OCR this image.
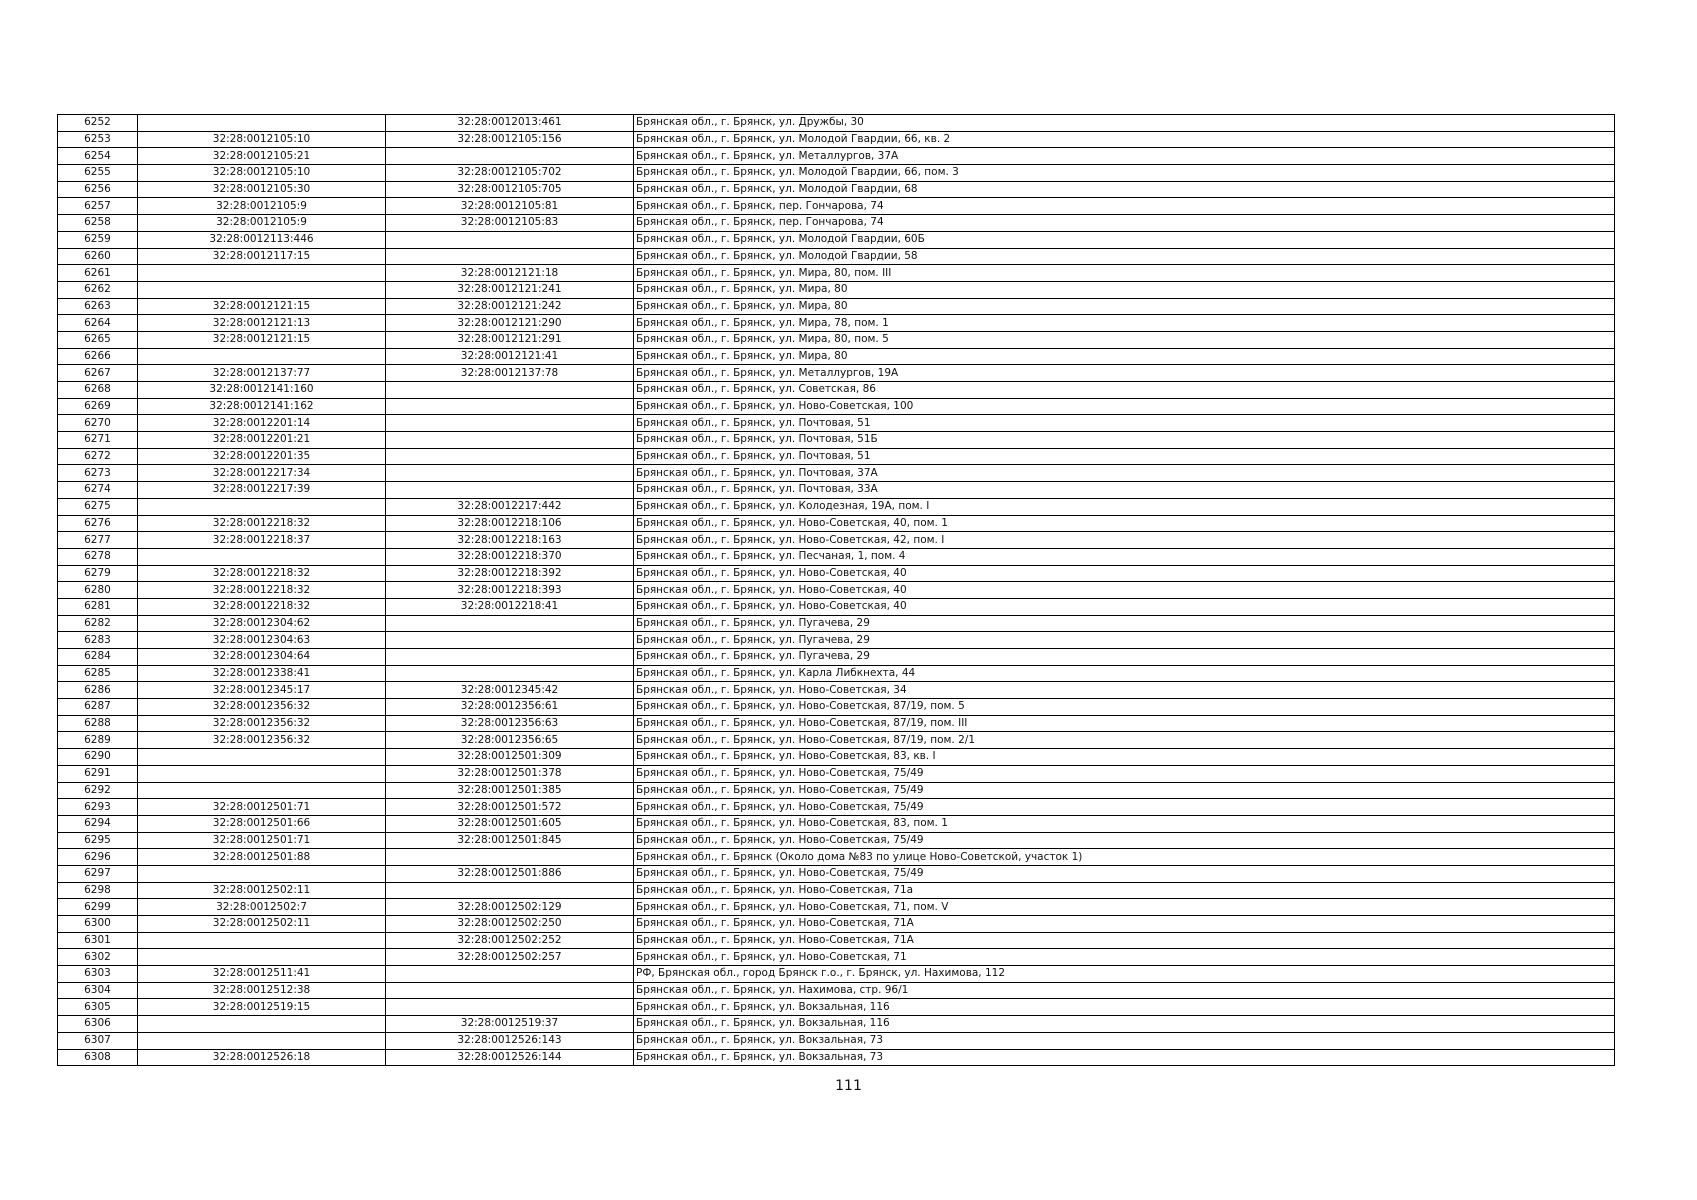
6252		32:28:0012013:461	Брянская обл., г. Брянск, ул. Дружбы, 30
6253	32:28:0012105:10	32:28:0012105:156	Брянская обл., г. Брянск, ул. Молодой Гвардии, 66, кв. 2
6254	32:28:0012105:21		Брянская обл., г. Брянск, ул. Металлургов, 37А
6255	32:28:0012105:10	32:28:0012105:702	Брянская обл., г. Брянск, ул. Молодой Гвардии, 66, пом. 3
6256	32:28:0012105:30	32:28:0012105:705	Брянская обл., г. Брянск, ул. Молодой Гвардии, 68
6257	32:28:0012105:9	32:28:0012105:81	Брянская обл., г. Брянск, пер. Гончарова, 74
6258	32:28:0012105:9	32:28:0012105:83	Брянская обл., г. Брянск, пер. Гончарова, 74
6259	32:28:0012113:446		Брянская обл., г. Брянск, ул. Молодой Гвардии, 60Б
6260	32:28:0012117:15		Брянская обл., г. Брянск, ул. Молодой Гвардии, 58
6261		32:28:0012121:18	Брянская обл., г. Брянск, ул. Мира, 80, пом. III
6262		32:28:0012121:241	Брянская обл., г. Брянск, ул. Мира, 80
6263	32:28:0012121:15	32:28:0012121:242	Брянская обл., г. Брянск, ул. Мира, 80
6264	32:28:0012121:13	32:28:0012121:290	Брянская обл., г. Брянск, ул. Мира, 78, пом. 1
6265	32:28:0012121:15	32:28:0012121:291	Брянская обл., г. Брянск, ул. Мира, 80, пом. 5
6266		32:28:0012121:41	Брянская обл., г. Брянск, ул. Мира, 80
6267	32:28:0012137:77	32:28:0012137:78	Брянская обл., г. Брянск, ул. Металлургов, 19А
6268	32:28:0012141:160		Брянская обл., г. Брянск, ул. Советская, 86
6269	32:28:0012141:162		Брянская обл., г. Брянск, ул. Ново-Советская, 100
6270	32:28:0012201:14		Брянская обл., г. Брянск, ул. Почтовая, 51
6271	32:28:0012201:21		Брянская обл., г. Брянск, ул. Почтовая, 51Б
6272	32:28:0012201:35		Брянская обл., г. Брянск, ул. Почтовая, 51
6273	32:28:0012217:34		Брянская обл., г. Брянск, ул. Почтовая, 37А
6274	32:28:0012217:39		Брянская обл., г. Брянск, ул. Почтовая, 33А
6275		32:28:0012217:442	Брянская обл., г. Брянск, ул. Колодезная, 19А, пом. I
6276	32:28:0012218:32	32:28:0012218:106	Брянская обл., г. Брянск, ул. Ново-Советская, 40, пом. 1
6277	32:28:0012218:37	32:28:0012218:163	Брянская обл., г. Брянск, ул. Ново-Советская, 42, пом. I
6278		32:28:0012218:370	Брянская обл., г. Брянск, ул. Песчаная, 1, пом. 4
6279	32:28:0012218:32	32:28:0012218:392	Брянская обл., г. Брянск, ул. Ново-Советская, 40
6280	32:28:0012218:32	32:28:0012218:393	Брянская обл., г. Брянск, ул. Ново-Советская, 40
6281	32:28:0012218:32	32:28:0012218:41	Брянская обл., г. Брянск, ул. Ново-Советская, 40
6282	32:28:0012304:62		Брянская обл., г. Брянск, ул. Пугачева, 29
6283	32:28:0012304:63		Брянская обл., г. Брянск, ул. Пугачева, 29
6284	32:28:0012304:64		Брянская обл., г. Брянск, ул. Пугачева, 29
6285	32:28:0012338:41		Брянская обл., г. Брянск, ул. Карла Либкнехта, 44
6286	32:28:0012345:17	32:28:0012345:42	Брянская обл., г. Брянск, ул. Ново-Советская, 34
6287	32:28:0012356:32	32:28:0012356:61	Брянская обл., г. Брянск, ул. Ново-Советская, 87/19, пом. 5
6288	32:28:0012356:32	32:28:0012356:63	Брянская обл., г. Брянск, ул. Ново-Советская, 87/19, пом. III
6289	32:28:0012356:32	32:28:0012356:65	Брянская обл., г. Брянск, ул. Ново-Советская, 87/19, пом. 2/1
6290		32:28:0012501:309	Брянская обл., г. Брянск, ул. Ново-Советская, 83, кв. I
6291		32:28:0012501:378	Брянская обл., г. Брянск, ул. Ново-Советская, 75/49
6292		32:28:0012501:385	Брянская обл., г. Брянск, ул. Ново-Советская, 75/49
6293	32:28:0012501:71	32:28:0012501:572	Брянская обл., г. Брянск, ул. Ново-Советская, 75/49
6294	32:28:0012501:66	32:28:0012501:605	Брянская обл., г. Брянск, ул. Ново-Советская, 83, пом. 1
6295	32:28:0012501:71	32:28:0012501:845	Брянская обл., г. Брянск, ул. Ново-Советская, 75/49
6296	32:28:0012501:88		Брянская обл., г. Брянск (Около дома №83 по улице Ново-Советской, участок 1)
6297		32:28:0012501:886	Брянская обл., г. Брянск, ул. Ново-Советская, 75/49
6298	32:28:0012502:11		Брянская обл., г. Брянск, ул. Ново-Советская, 71а
6299	32:28:0012502:7	32:28:0012502:129	Брянская обл., г. Брянск, ул. Ново-Советская, 71, пом. V
6300	32:28:0012502:11	32:28:0012502:250	Брянская обл., г. Брянск, ул. Ново-Советская, 71А
6301		32:28:0012502:252	Брянская обл., г. Брянск, ул. Ново-Советская, 71А
6302		32:28:0012502:257	Брянская обл., г. Брянск, ул. Ново-Советская, 71
6303	32:28:0012511:41		РФ, Брянская обл., город Брянск г.о., г. Брянск, ул. Нахимова, 112
6304	32:28:0012512:38		Брянская обл., г. Брянск, ул. Нахимова, стр. 96/1
6305	32:28:0012519:15		Брянская обл., г. Брянск, ул. Вокзальная, 116
6306		32:28:0012519:37	Брянская обл., г. Брянск, ул. Вокзальная, 116
6307		32:28:0012526:143	Брянская обл., г. Брянск, ул. Вокзальная, 73
6308	32:28:0012526:18	32:28:0012526:144	Брянская обл., г. Брянск, ул. Вокзальная, 73
111
